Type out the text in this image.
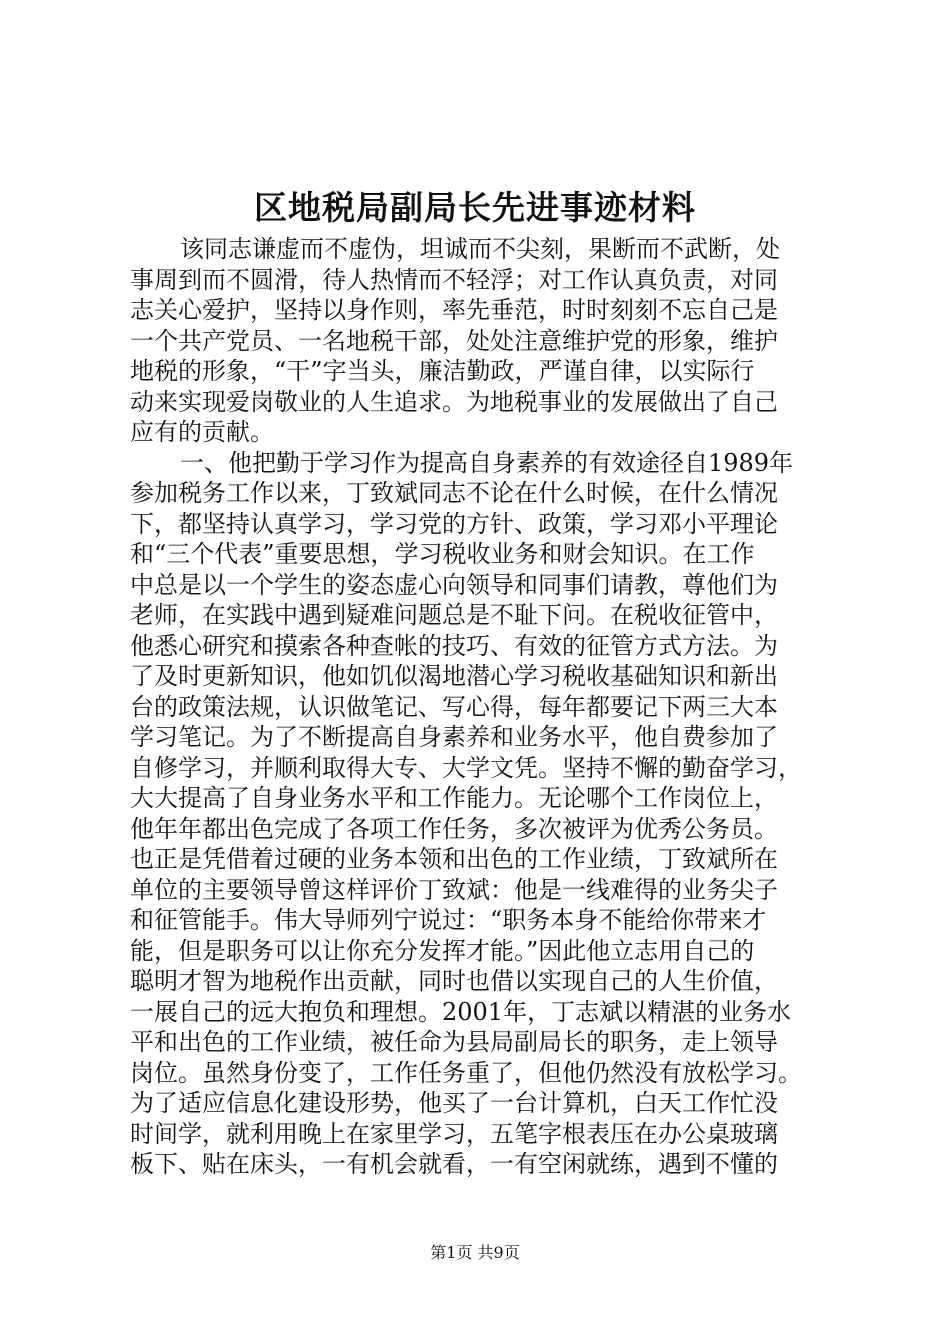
区地税局副局长先进事迹材料
该同志谦虚而不虚伪，坦诚而不尖刻，果断而不武断，处
事周到而不圆滑，待人热情而不轻浮；对工作认真负责，对同
志关心爱护，坚持以身作则，率先垂范，时时刻刻不忘自己是
一个共产党员、一名地税干部，处处注意维护党的形象，维护
地税的形象，“干”字当头，廉洁勤政，严谨自律，以实际行
动来实现爱岗敬业的人生追求。为地税事业的发展做出了自己
应有的贡献。
一、他把勤于学习作为提高自身素养的有效途径自1989年
参加税务工作以来，丁致斌同志不论在什么时候，在什么情况
下，都坚持认真学习，学习党的方针、政策，学习邓小平理论
和“三个代表”重要思想，学习税收业务和财会知识。在工作
中总是以一个学生的姿态虚心向领导和同事们请教，尊他们为
老师，在实践中遇到疑难问题总是不耻下问。在税收征管中，
他悉心研究和摸索各种查帐的技巧、有效的征管方式方法。为
了及时更新知识，他如饥似渴地潜心学习税收基础知识和新出
台的政策法规，认识做笔记、写心得，每年都要记下两三大本
学习笔记。为了不断提高自身素养和业务水平，他自费参加了
自修学习，并顺利取得大专、大学文凭。坚持不懈的勤奋学习，
大大提高了自身业务水平和工作能力。无论哪个工作岗位上，
他年年都出色完成了各项工作任务，多次被评为优秀公务员。
也正是凭借着过硬的业务本领和出色的工作业绩，丁致斌所在
单位的主要领导曾这样评价丁致斌：他是一线难得的业务尖子
和征管能手。伟大导师列宁说过：“职务本身不能给你带来才
能，但是职务可以让你充分发挥才能。”因此他立志用自己的
聪明才智为地税作出贡献，同时也借以实现自己的人生价值，
一展自己的远大抱负和理想。2001年，丁志斌以精湛的业务水
平和出色的工作业绩，被任命为县局副局长的职务，走上领导
岗位。虽然身份变了，工作任务重了，但他仍然没有放松学习。
为了适应信息化建设形势，他买了一台计算机，白天工作忙没
时间学，就利用晚上在家里学习，五笔字根表压在办公桌玻璃
板下、贴在床头，一有机会就看，一有空闲就练，遇到不懂的
第1页 共9页
